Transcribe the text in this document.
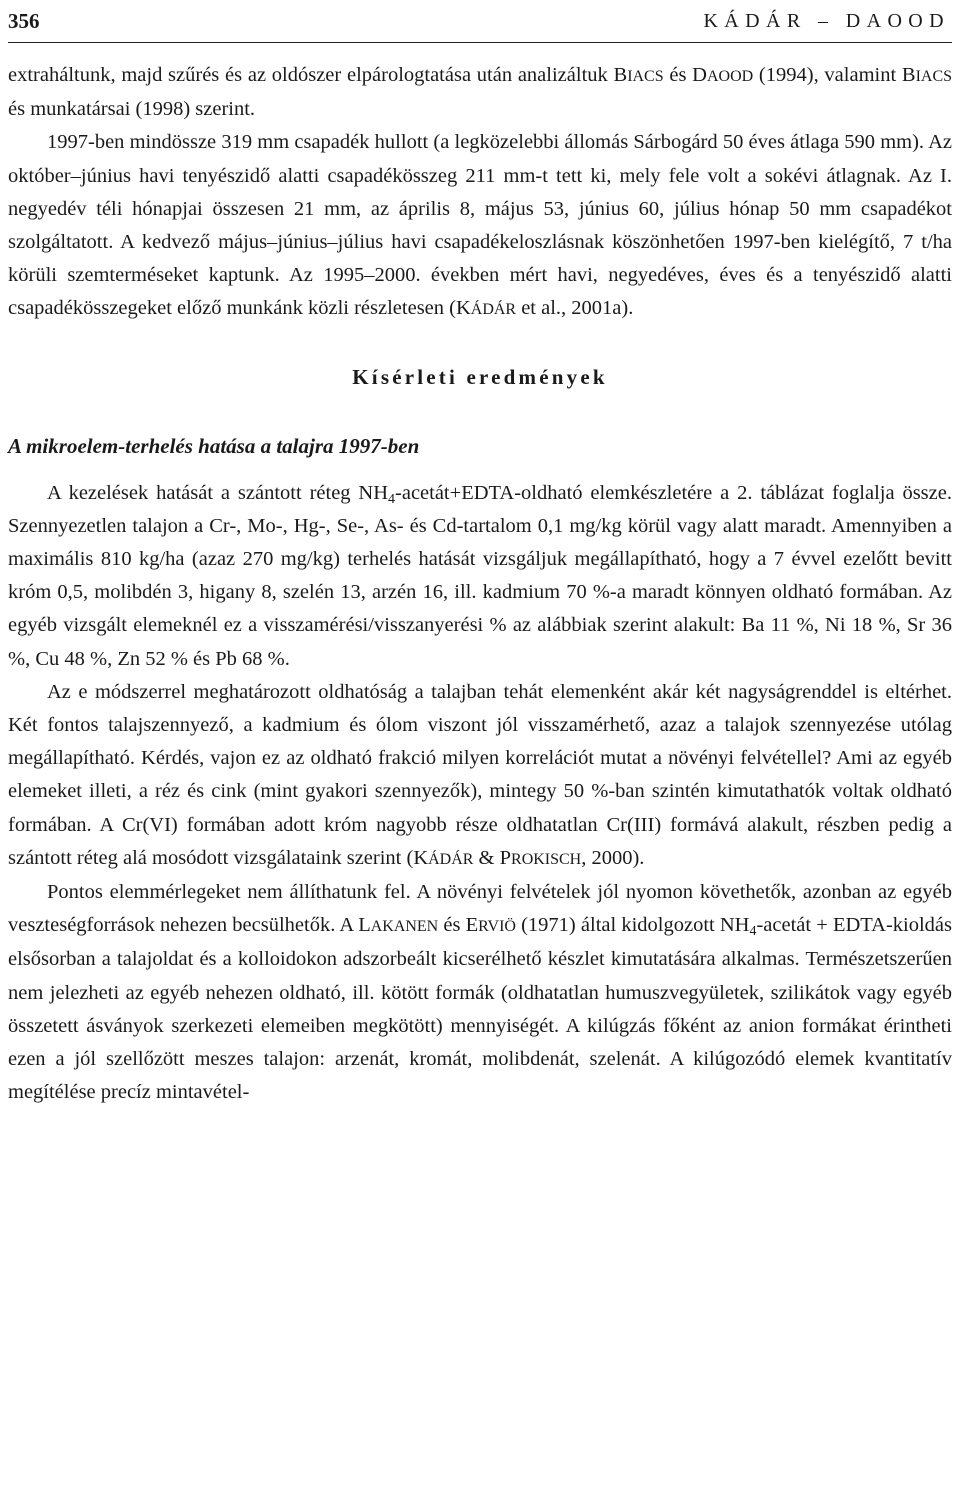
356	KÁDÁR – DAOOD

extraháltunk, majd szűrés és az oldószer elpárologtatása után analizáltuk BIACS és DAOOD (1994), valamint BIACS és munkatársai (1998) szerint.

1997-ben mindössze 319 mm csapadék hullott (a legközelebbi állomás Sárbogárd 50 éves átlaga 590 mm). Az október–június havi tenyészidő alatti csapadékösszeg 211 mm-t tett ki, mely fele volt a sokévi átlagnak. Az I. negyedév téli hónapjai összesen 21 mm, az április 8, május 53, június 60, július hónap 50 mm csapadékot szolgáltatott. A kedvező május–június–július havi csapadékeloszlásnak köszönhetően 1997-ben kielégítő, 7 t/ha körüli szemterméseket kaptunk. Az 1995–2000. években mért havi, negyedéves, éves és a tenyészidő alatti csapadékösszegeket előző munkánk közli részletesen (KÁDÁR et al., 2001a).

Kísérleti eredmények
A mikroelem-terhelés hatása a talajra 1997-ben

A kezelések hatását a szántott réteg $NH_4-acetát+EDTA$-oldható elemkészletére a 2. táblázat foglalja össze. Szennyezetlen talajon a Cr-, Mo-, Hg-, Se-, As- és Cd-tartalom 0,1 mg/kg körül vagy alatt maradt. Amennyiben a maximális 810 kg/ha (azaz 270 mg/kg) terhelés hatását vizsgáljuk megállapítható, hogy a 7 évvel ezelőtt bevitt króm 0,5, molibdén 3, higany 8, szelén 13, arzén 16, ill. kadmium 70 %-a maradt könnyen oldható formában. Az egyéb vizsgált elemeknél ez a visszamérési/visszanyerési % az alábbiak szerint alakult: Ba 11 %, Ni 18 %, Sr 36 %, Cu 48 %, Zn 52 % és Pb 68 %.

Az e módszerrel meghatározott oldhatóság a talajban tehát elemenként akár két nagyságrenddel is eltérhet. Két fontos talajszennyező, a kadmium és ólom viszont jól visszamérhető, azaz a talajok szennyezése utólag megállapítható. Kérdés, vajon ez az oldható frakció milyen korrelációt mutat a növényi felvétellel? Ami az egyéb elemeket illeti, a réz és cink (mint gyakori szennyezők), mintegy 50 %-ban szintén kimutathatók voltak oldható formában. A Cr(VI) formában adott króm nagyobb része oldhatatlan Cr(III) formává alakult, részben pedig a szántott réteg alá mosódott vizsgálataink szerint (KÁDÁR & PROKISCH, 2000).

Pontos elemmérlegeket nem állíthatunk fel. A növényi felvételek jól nyomon követhetők, azonban az egyéb veszteségforrások nehezen becsülhetők. A LAKANEN és ERVIÖ (1971) által kidolgozott $NH_4$-acetát + EDTA-kioldás elsősorban a talajoldat és a kolloidokon adszorbeált kicserélhető készlet kimutatására alkalmas. Természetszerűen nem jelezheti az egyéb nehezen oldható, ill. kötött formák (oldhatatlan humuszvegyületek, szilikátok vagy egyéb összetett ásványok szerkezeti elemeiben megkötött) mennyiségét. A kilúgzás főként az anion formákat érintheti ezen a jól szellőzött meszes talajon: arzenát, kromát, molibdenát, szelenát. A kilúgozódó elemek kvantitatív megítélése precíz mintavétel-
